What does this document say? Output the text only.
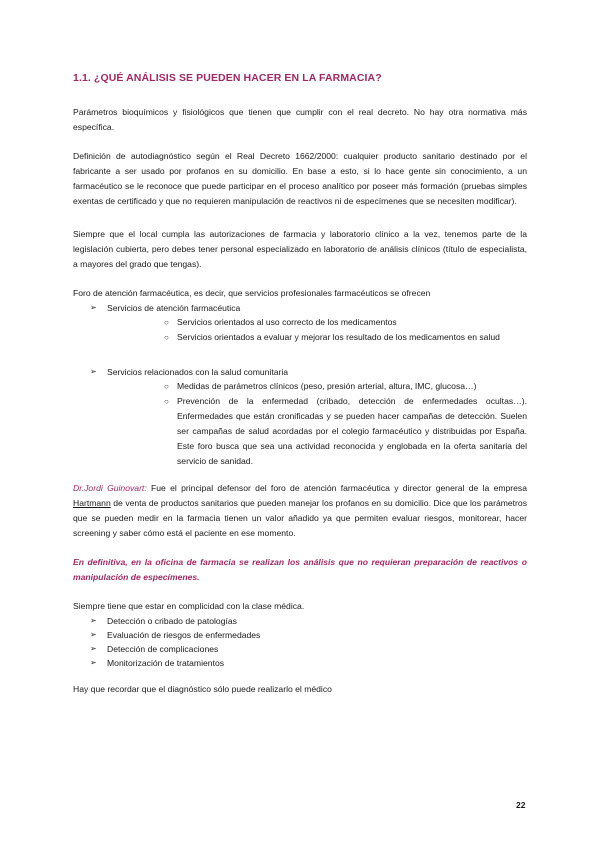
1.1. ¿QUÉ ANÁLISIS SE PUEDEN HACER EN LA FARMACIA?

Parámetros bioquímicos y fisiológicos que tienen que cumplir con el real decreto. No hay otra normativa más específica.

Definición de autodiagnóstico según el Real Decreto 1662/2000: cualquier producto sanitario destinado por el fabricante a ser usado por profanos en su domicilio. En base a esto, si lo hace gente sin conocimiento, a un farmacéutico se le reconoce que puede participar en el proceso analítico por poseer más formación (pruebas simples exentas de certificado y que no requieren manipulación de reactivos ni de especímenes que se necesiten modificar).

Siempre que el local cumpla las autorizaciones de farmacia y laboratorio clínico a la vez, tenemos parte de la legislación cubierta, pero debes tener personal especializado en laboratorio de análisis clínicos (título de especialista, a mayores del grado que tengas).

Foro de atención farmacéutica, es decir, que servicios profesionales farmacéuticos se ofrecen

➢ Servicios de atención farmacéutica
○ Servicios orientados al uso correcto de los medicamentos
○ Servicios orientados a evaluar y mejorar los resultado de los medicamentos en salud
➢ Servicios relacionados con la salud comunitaria
○ Medidas de parámetros clínicos (peso, presión arterial, altura, IMC, glucosa…)
○ Prevención de la enfermedad (cribado, detección de enfermedades ocultas…). Enfermedades que están cronificadas y se pueden hacer campañas de detección. Suelen ser campañas de salud acordadas por el colegio farmacéutico y distribuidas por España. Este foro busca que sea una actividad reconocida y englobada en la oferta sanitaria del servicio de sanidad.

Dr.Jordi Guinovart: Fue el principal defensor del foro de atención farmacéutica y director general de la empresa Hartmann de venta de productos sanitarios que pueden manejar los profanos en su domicilio. Dice que los parámetros que se pueden medir en la farmacia tienen un valor añadido ya que permiten evaluar riesgos, monitorear, hacer screening y saber cómo está el paciente en ese momento.

En definitiva, en la oficina de farmacia se realizan los análisis que no requieran preparación de reactivos o manipulación de especímenes.

Siempre tiene que estar en complicidad con la clase médica.

➢ Detección o cribado de patologías
➢ Evaluación de riesgos de enfermedades
➢ Detección de complicaciones
➢ Monitorización de tratamientos

Hay que recordar que el diagnóstico sólo puede realizarlo el médico

22
